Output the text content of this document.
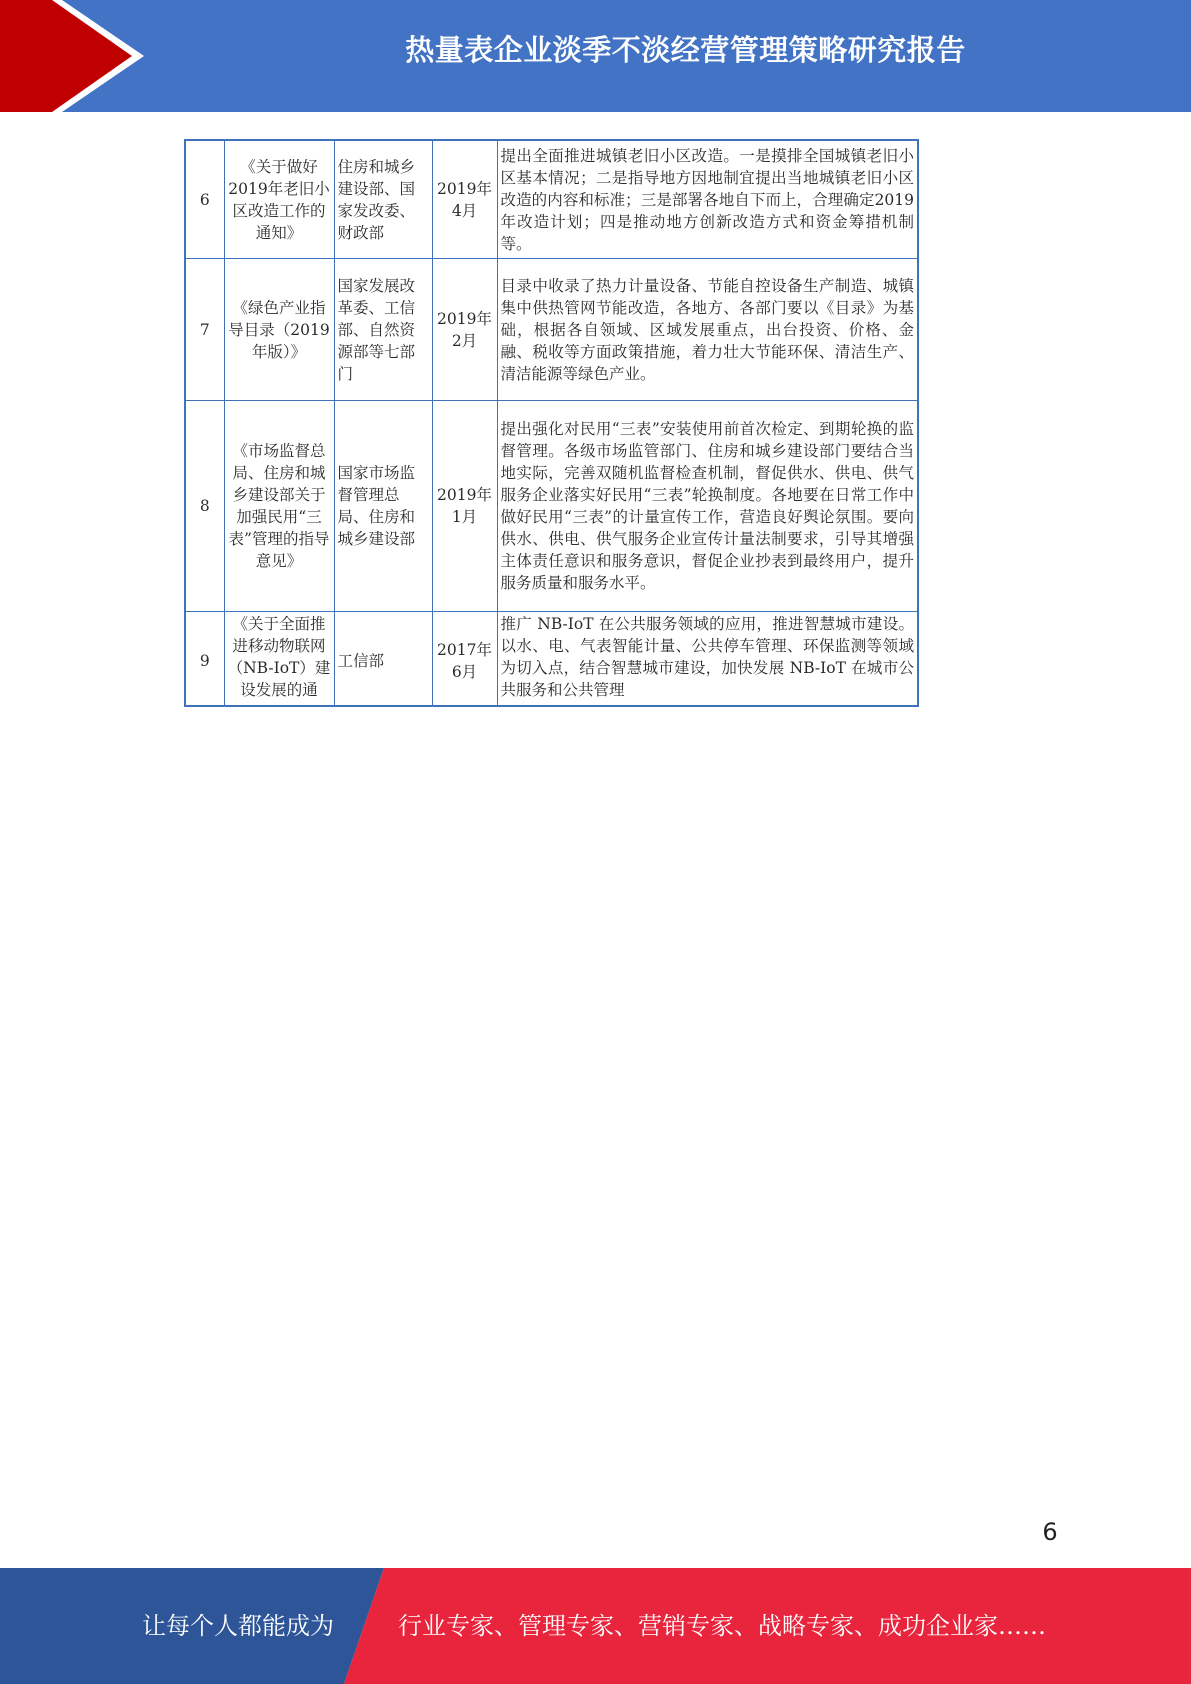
热量表企业淡季不淡经营管理策略研究报告
6	《关于做好2019年老旧小区改造工作的通知》	住房和城乡建设部、国家发改委、财政部	2019年4月	提出全面推进城镇老旧小区改造。一是摸排全国城镇老旧小区基本情况；二是指导地方因地制宜提出当地城镇老旧小区改造的内容和标准；三是部署各地自下而上，合理确定2019年改造计划；四是推动地方创新改造方式和资金筹措机制等。
7	《绿色产业指导目录（2019年版）》	国家发展改革委、工信部、自然资源部等七部门	2019年2月	目录中收录了热力计量设备、节能自控设备生产制造、城镇集中供热管网节能改造，各地方、各部门要以《目录》为基础，根据各自领域、区域发展重点，出台投资、价格、金融、税收等方面政策措施，着力壮大节能环保、清洁生产、清洁能源等绿色产业。
8	《市场监督总局、住房和城乡建设部关于加强民用“三表”管理的指导意见》	国家市场监督管理总局、住房和城乡建设部	2019年1月	提出强化对民用“三表”安装使用前首次检定、到期轮换的监督管理。各级市场监管部门、住房和城乡建设部门要结合当地实际，完善双随机监督检查机制，督促供水、供电、供气服务企业落实好民用“三表”轮换制度。各地要在日常工作中做好民用“三表”的计量宣传工作，营造良好舆论氛围。要向供水、供电、供气服务企业宣传计量法制要求，引导其增强主体责任意识和服务意识，督促企业抄表到最终用户，提升服务质量和服务水平。
9	《关于全面推进移动物联网（NB-IoT）建设发展的通	工信部	2017年6月	推广 NB-IoT 在公共服务领域的应用，推进智慧城市建设。以水、电、气表智能计量、公共停车管理、环保监测等领域为切入点，结合智慧城市建设，加快发展 NB-IoT 在城市公共服务和公共管理
6
让每个人都能成为	行业专家、管理专家、营销专家、战略专家、成功企业家……
